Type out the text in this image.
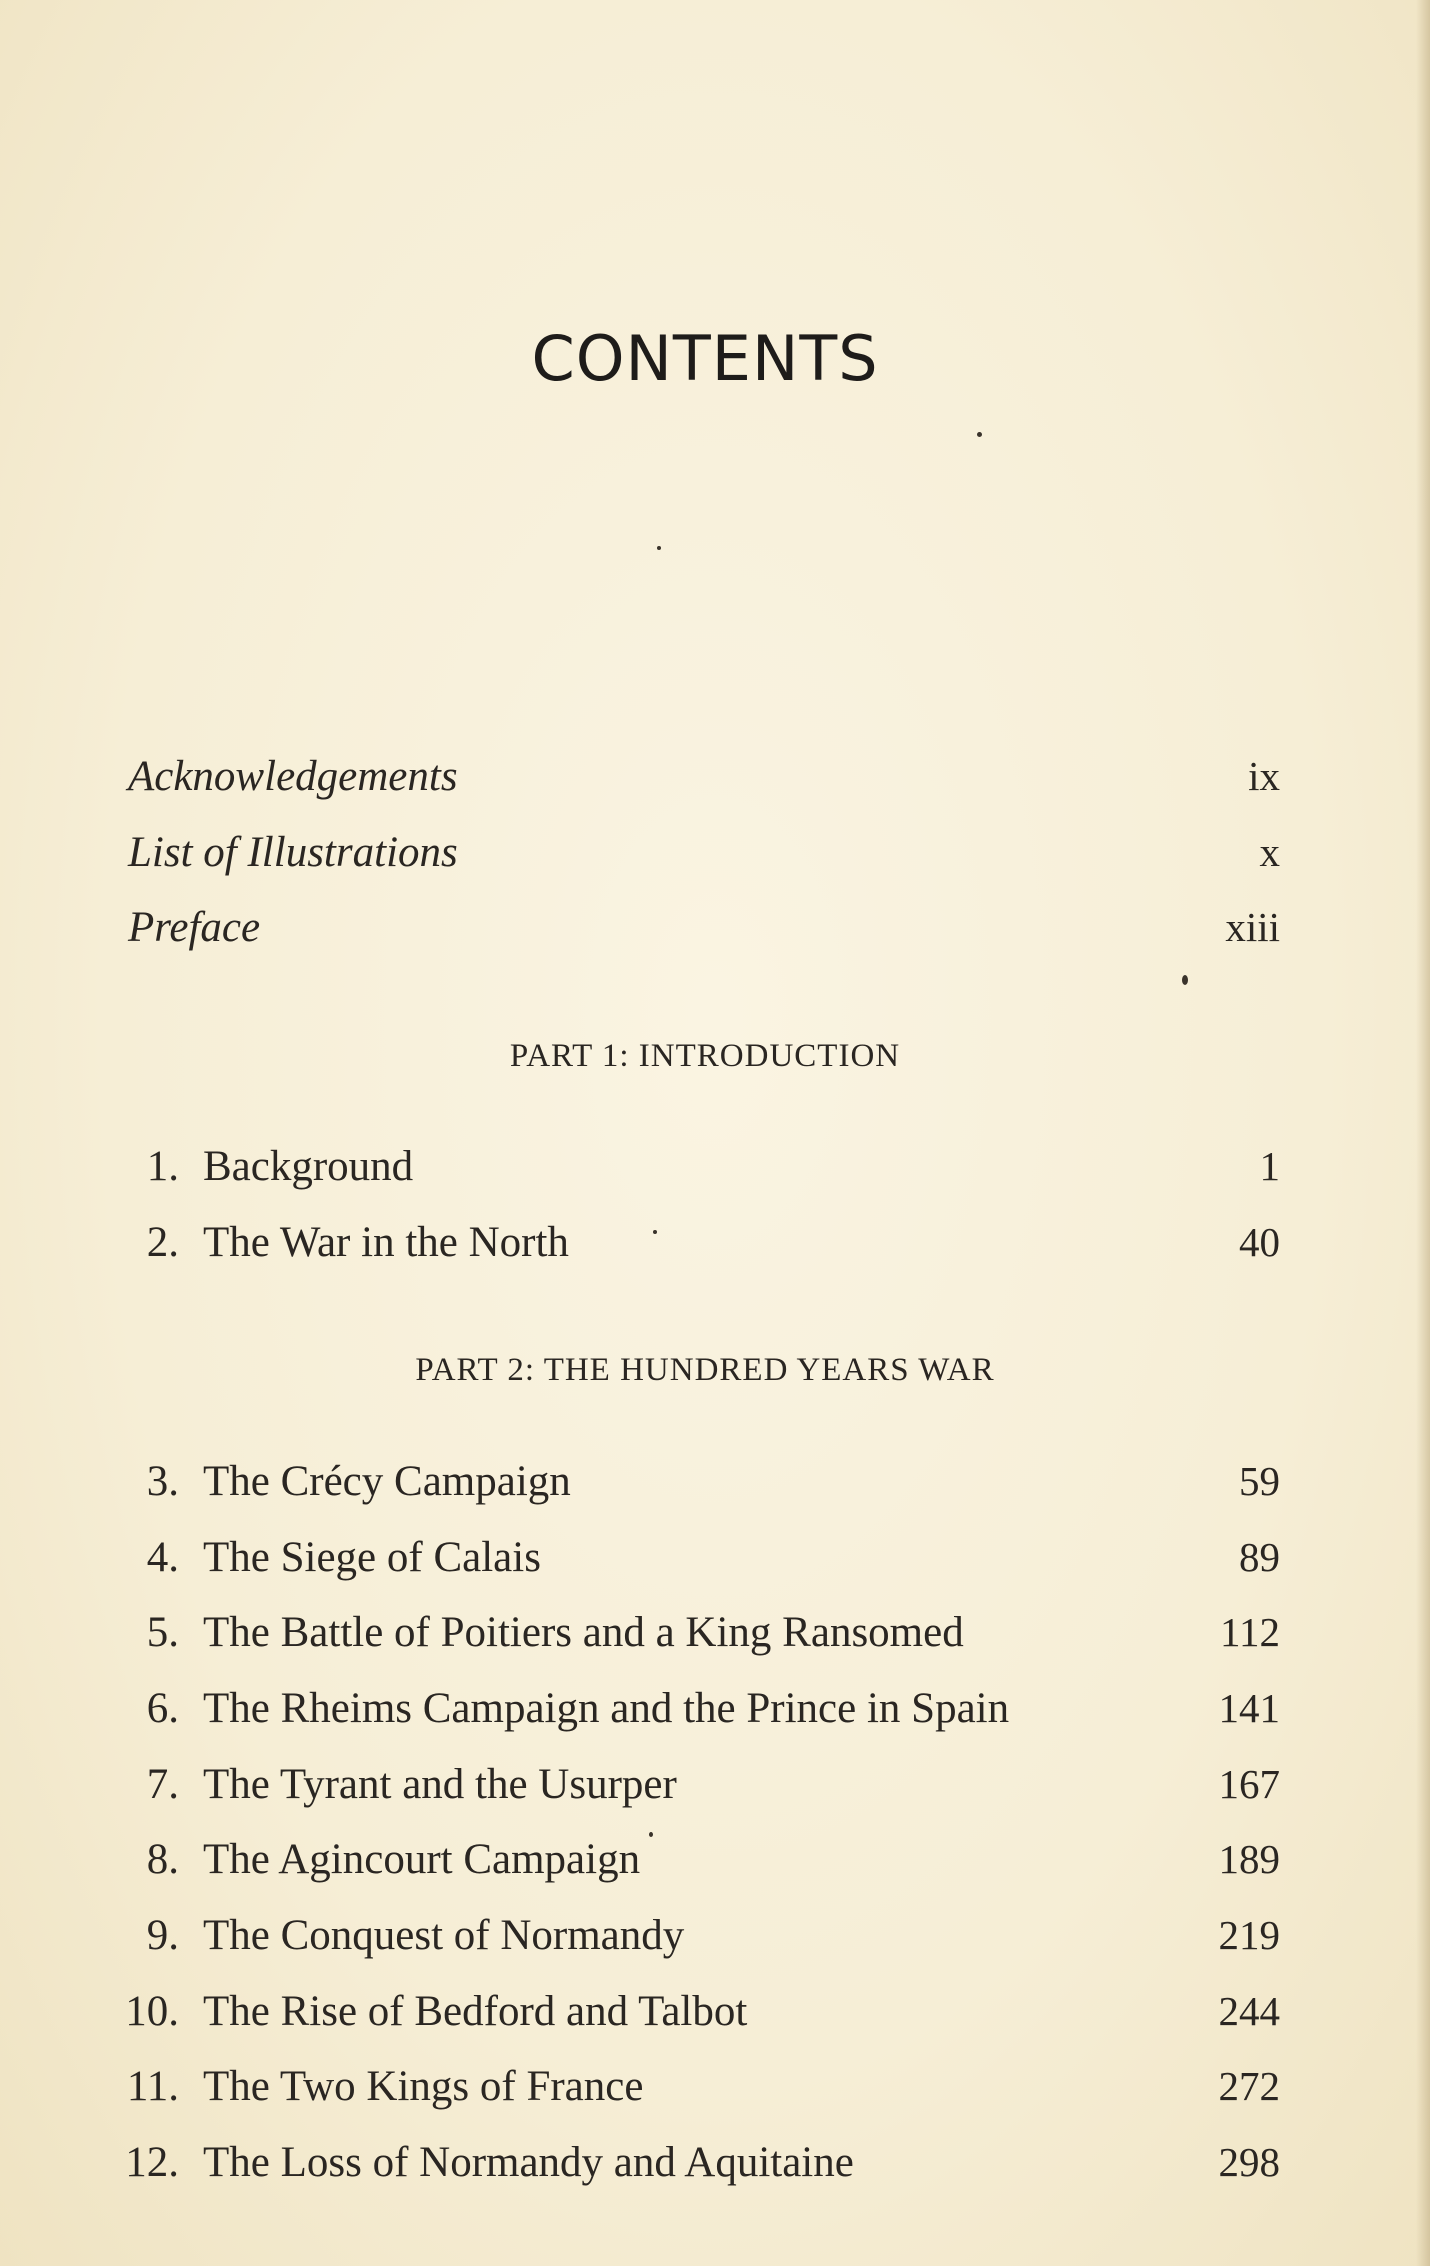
CONTENTS
Acknowledgements	ix
List of Illustrations	x
Preface	xiii
PART 1: INTRODUCTION
1. Background	1
2. The War in the North	40
PART 2: THE HUNDRED YEARS WAR
3. The Crécy Campaign	59
4. The Siege of Calais	89
5. The Battle of Poitiers and a King Ransomed	112
6. The Rheims Campaign and the Prince in Spain	141
7. The Tyrant and the Usurper	167
8. The Agincourt Campaign	189
9. The Conquest of Normandy	219
10. The Rise of Bedford and Talbot	244
11. The Two Kings of France	272
12. The Loss of Normandy and Aquitaine	298
